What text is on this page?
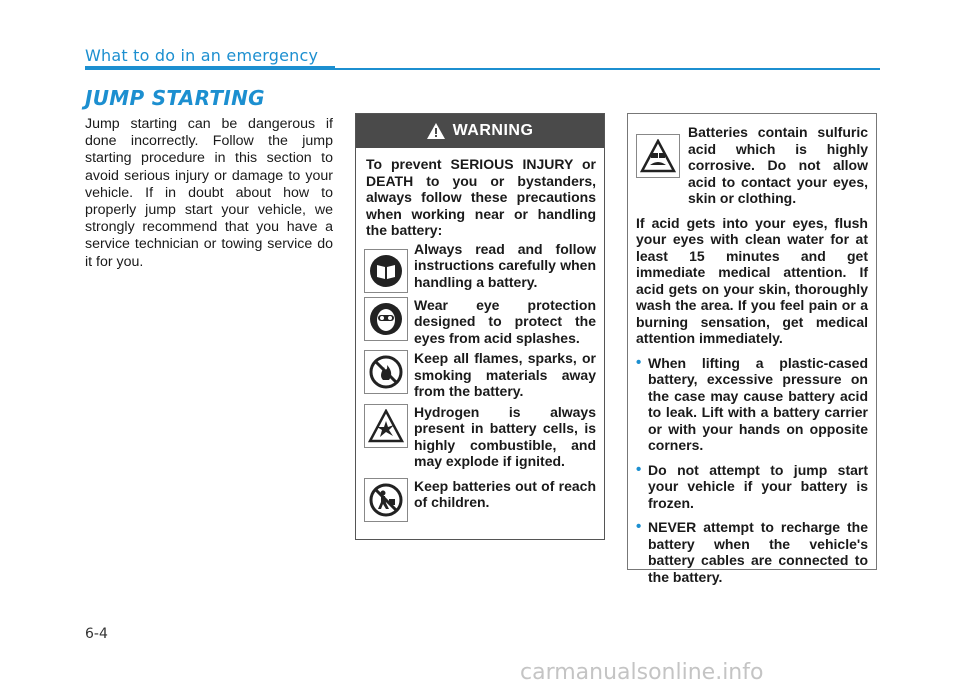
What to do in an emergency
JUMP STARTING
Jump starting can be dangerous if done incorrectly. Follow the jump starting procedure in this section to avoid serious injury or damage to your vehicle. If in doubt about how to properly jump start your vehicle, we strongly recommend that you have a service technician or towing service do it for you.
WARNING
To prevent SERIOUS INJURY or DEATH to you or bystanders, always follow these precautions when working near or handling the battery:
Always read and follow instructions carefully when handling a battery.
Wear eye protection designed to protect the eyes from acid splashes.
Keep all flames, sparks, or smoking materials away from the battery.
Hydrogen is always present in battery cells, is highly combustible, and may explode if ignited.
Keep batteries out of reach of children.
Batteries contain sulfuric acid which is highly corrosive. Do not allow acid to contact your eyes, skin or clothing.
If acid gets into your eyes, flush your eyes with clean water for at least 15 minutes and get immediate medical attention. If acid gets on your skin, thoroughly wash the area. If you feel pain or a burning sensation, get medical attention immediately.
• When lifting a plastic-cased battery, excessive pressure on the case may cause battery acid to leak. Lift with a battery carrier or with your hands on opposite corners.
• Do not attempt to jump start your vehicle if your battery is frozen.
• NEVER attempt to recharge the battery when the vehicle's battery cables are connected to the battery.
6-4
carmanualsonline.info
